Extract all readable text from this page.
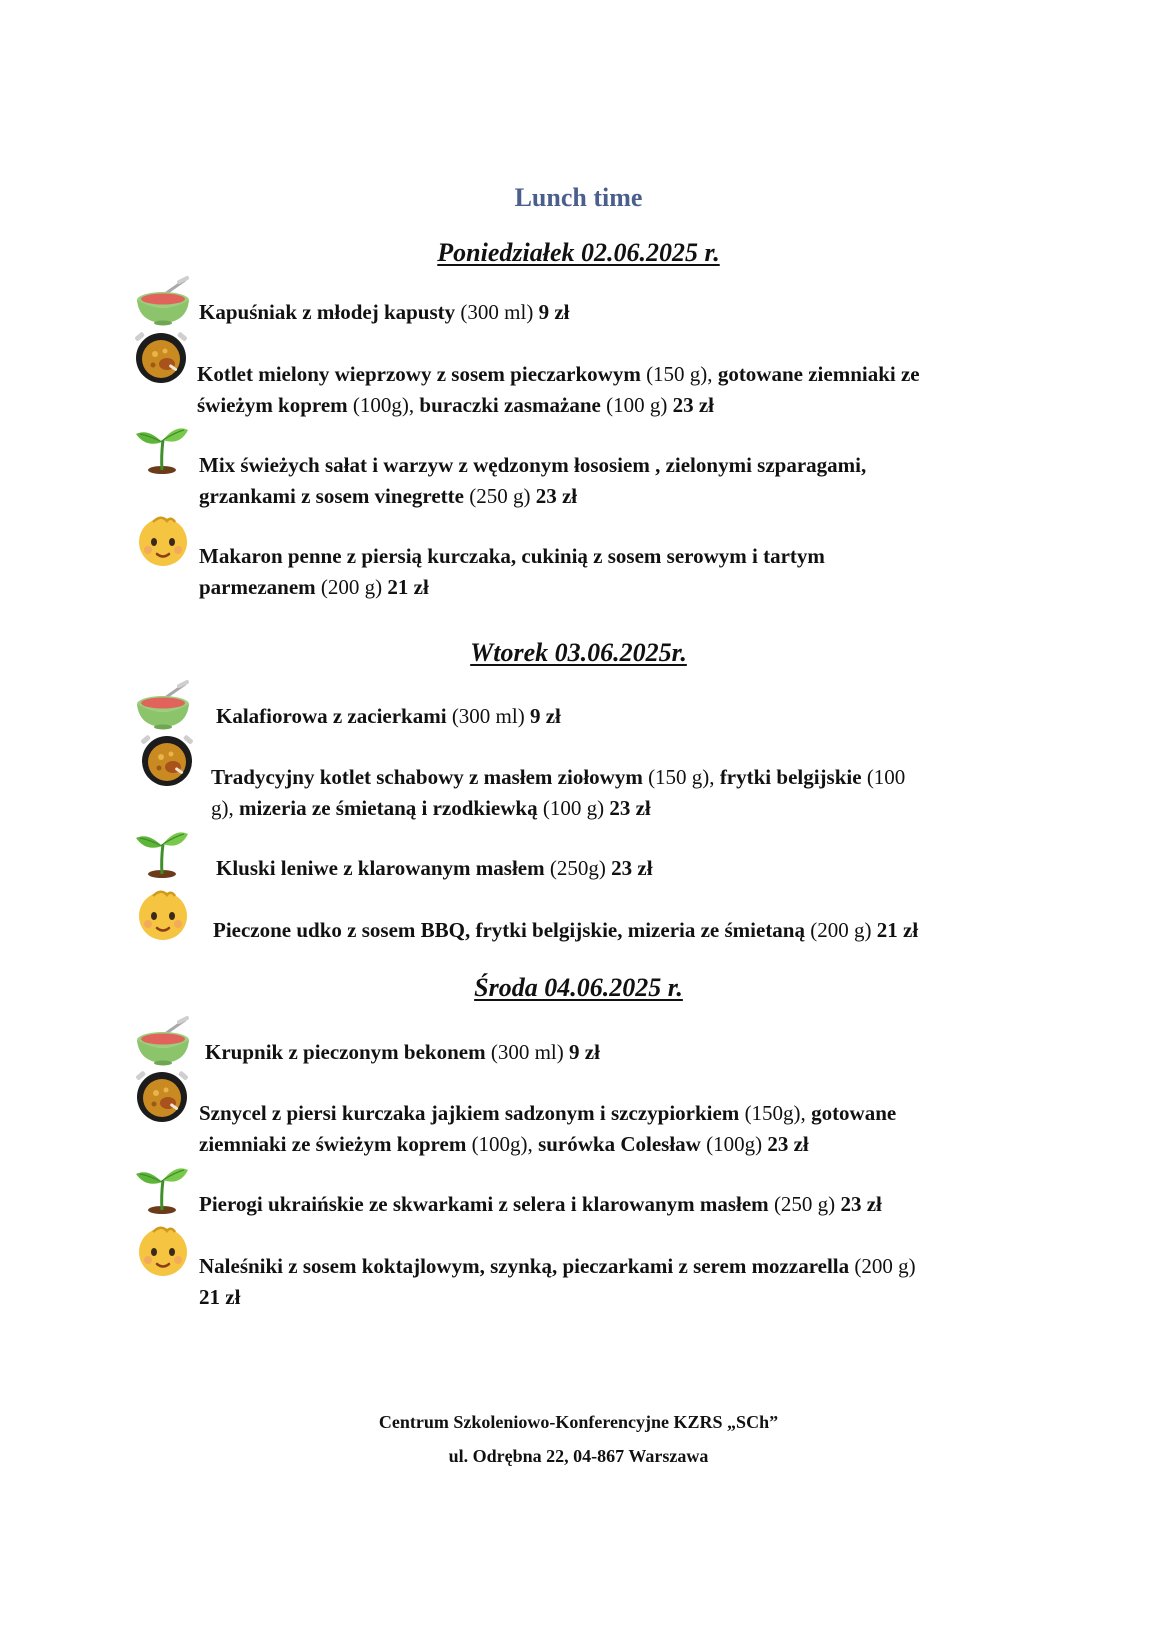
Lunch time
Poniedziałek 02.06.2025 r.
Kapuśniak z młodej kapusty (300 ml) 9 zł
Kotlet mielony wieprzowy z sosem pieczarkowym (150 g), gotowane ziemniaki ze
świeżym koprem (100g), buraczki zasmażane (100 g) 23 zł
Mix świeżych sałat i warzyw z wędzonym łososiem , zielonymi szparagami,
grzankami z sosem vinegrette (250 g) 23 zł
Makaron penne z piersią kurczaka, cukinią z sosem serowym i tartym
parmezanem (200 g) 21 zł
Wtorek 03.06.2025r.
Kalafiorowa z zacierkami (300 ml) 9 zł
Tradycyjny kotlet schabowy z masłem ziołowym (150 g), frytki belgijskie (100
g), mizeria ze śmietaną i rzodkiewką (100 g) 23 zł
Kluski leniwe z klarowanym masłem (250g) 23 zł
Pieczone udko z sosem BBQ, frytki belgijskie, mizeria ze śmietaną (200 g) 21 zł
Środa 04.06.2025 r.
Krupnik z pieczonym bekonem (300 ml) 9 zł
Sznycel z piersi kurczaka jajkiem sadzonym i szczypiorkiem (150g), gotowane
ziemniaki ze świeżym koprem (100g), surówka Colesław (100g) 23 zł
Pierogi ukraińskie ze skwarkami z selera i klarowanym masłem (250 g) 23 zł
Naleśniki z sosem koktajlowym, szynką, pieczarkami z serem mozzarella (200 g)
21 zł
Centrum Szkoleniowo-Konferencyjne KZRS „SCh”
ul. Odrębna 22, 04-867 Warszawa
